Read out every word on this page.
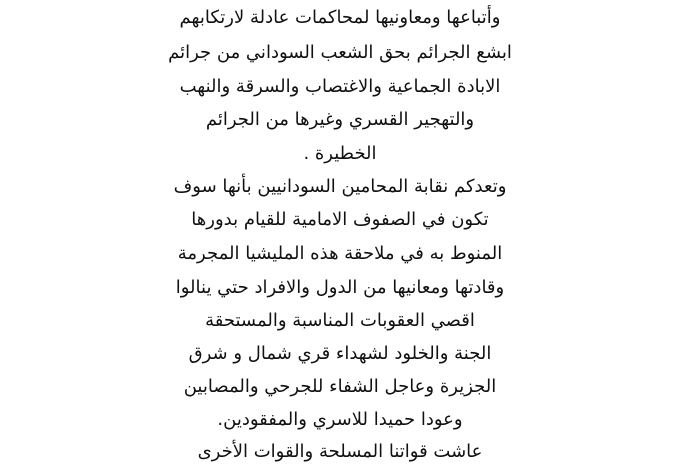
وأتباعها ومعاونيها لمحاكمات عادلة لارتكابهم
ابشع الجرائم بحق الشعب السوداني من جرائم
الابادة الجماعية والاغتصاب والسرقة والنهب
والتهجير القسري وغيرها من الجرائم
الخطيرة .
وتعدكم نقابة المحامين السودانيين بأنها سوف
تكون في الصفوف الامامية للقيام بدورها
المنوط به في ملاحقة هذه المليشيا المجرمة
وقادتها ومعانيها من الدول والافراد حتي ينالوا
اقصي العقوبات المناسبة والمستحقة
الجنة والخلود لشهداء قري شمال و شرق
الجزيرة وعاجل الشفاء للجرحي والمصابين
وعودا حميدا للاسري والمفقودين.
عاشت قواتنا المسلحة والقوات الأخرى
